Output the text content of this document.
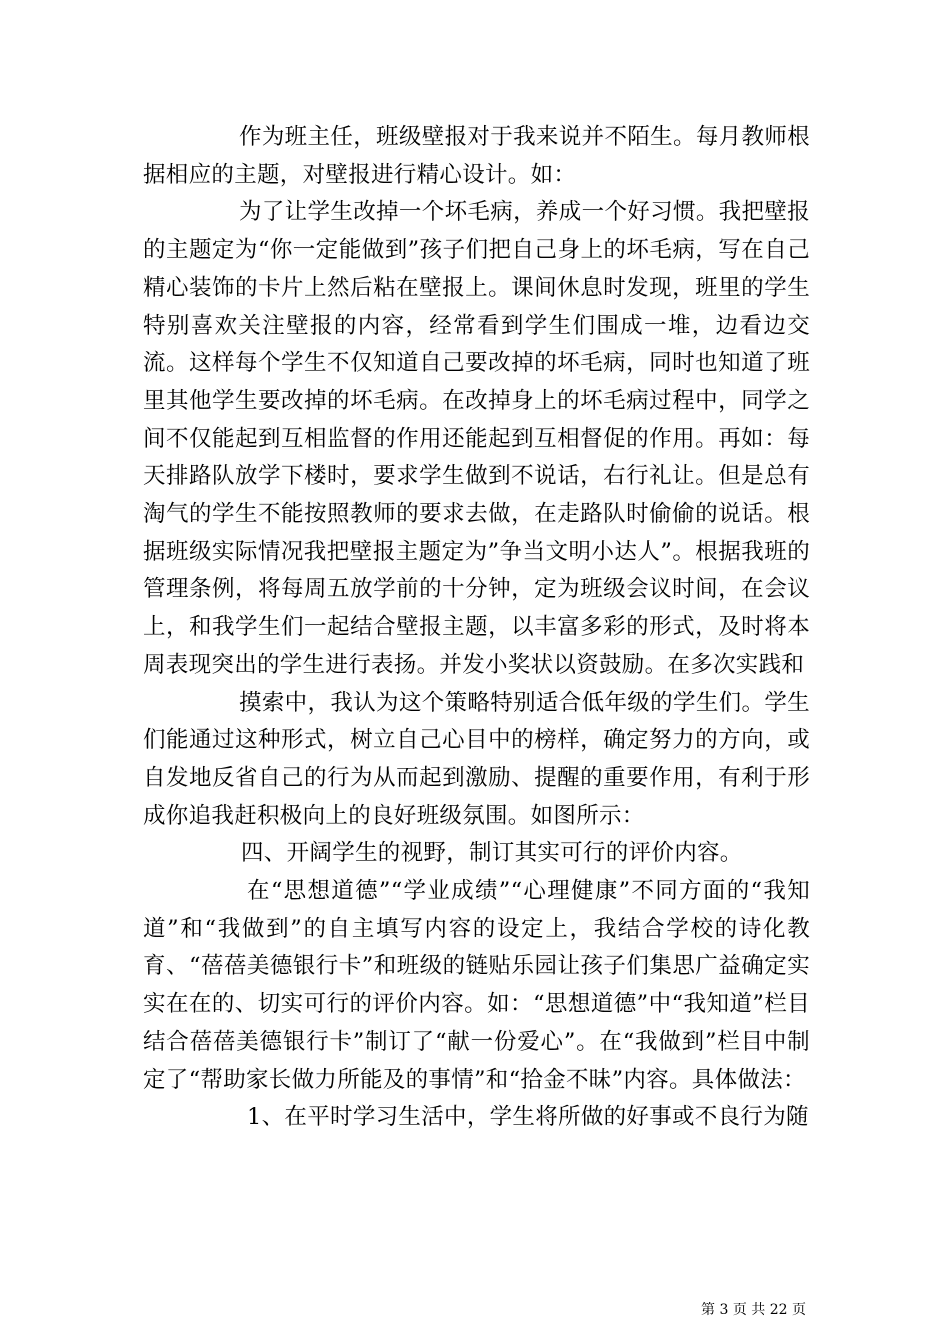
作为班主任，班级壁报对于我来说并不陌生。每月教师根据相应的主题，对壁报进行精心设计。如：

为了让学生改掉一个坏毛病，养成一个好习惯。我把壁报的主题定为“你一定能做到”孩子们把自己身上的坏毛病，写在自己精心装饰的卡片上然后粘在壁报上。课间休息时发现，班里的学生特别喜欢关注壁报的内容，经常看到学生们围成一堆，边看边交流。这样每个学生不仅知道自己要改掉的坏毛病，同时也知道了班里其他学生要改掉的坏毛病。在改掉身上的坏毛病过程中，同学之间不仅能起到互相监督的作用还能起到互相督促的作用。再如：每天排路队放学下楼时，要求学生做到不说话，右行礼让。但是总有淘气的学生不能按照教师的要求去做，在走路队时偷偷的说话。根据班级实际情况我把壁报主题定为”争当文明小达人”。根据我班的管理条例，将每周五放学前的十分钟，定为班级会议时间，在会议上，和我学生们一起结合壁报主题，以丰富多彩的形式，及时将本周表现突出的学生进行表扬。并发小奖状以资鼓励。在多次实践和

摸索中，我认为这个策略特别适合低年级的学生们。学生们能通过这种形式，树立自己心目中的榜样，确定努力的方向，或自发地反省自己的行为从而起到激励、提醒的重要作用，有利于形成你追我赶积极向上的良好班级氛围。如图所示：

四、开阔学生的视野，制订其实可行的评价内容。

在“思想道德”“学业成绩”“心理健康”不同方面的“我知道”和“我做到”的自主填写内容的设定上，我结合学校的诗化教育、“蓓蓓美德银行卡”和班级的链贴乐园让孩子们集思广益确定实实在在的、切实可行的评价内容。如：“思想道德”中“我知道”栏目结合蓓蓓美德银行卡”制订了“献一份爱心”。在“我做到”栏目中制定了“帮助家长做力所能及的事情”和“拾金不昧”内容。具体做法：

1、在平时学习生活中，学生将所做的好事或不良行为随

第 3 页 共 22 页
